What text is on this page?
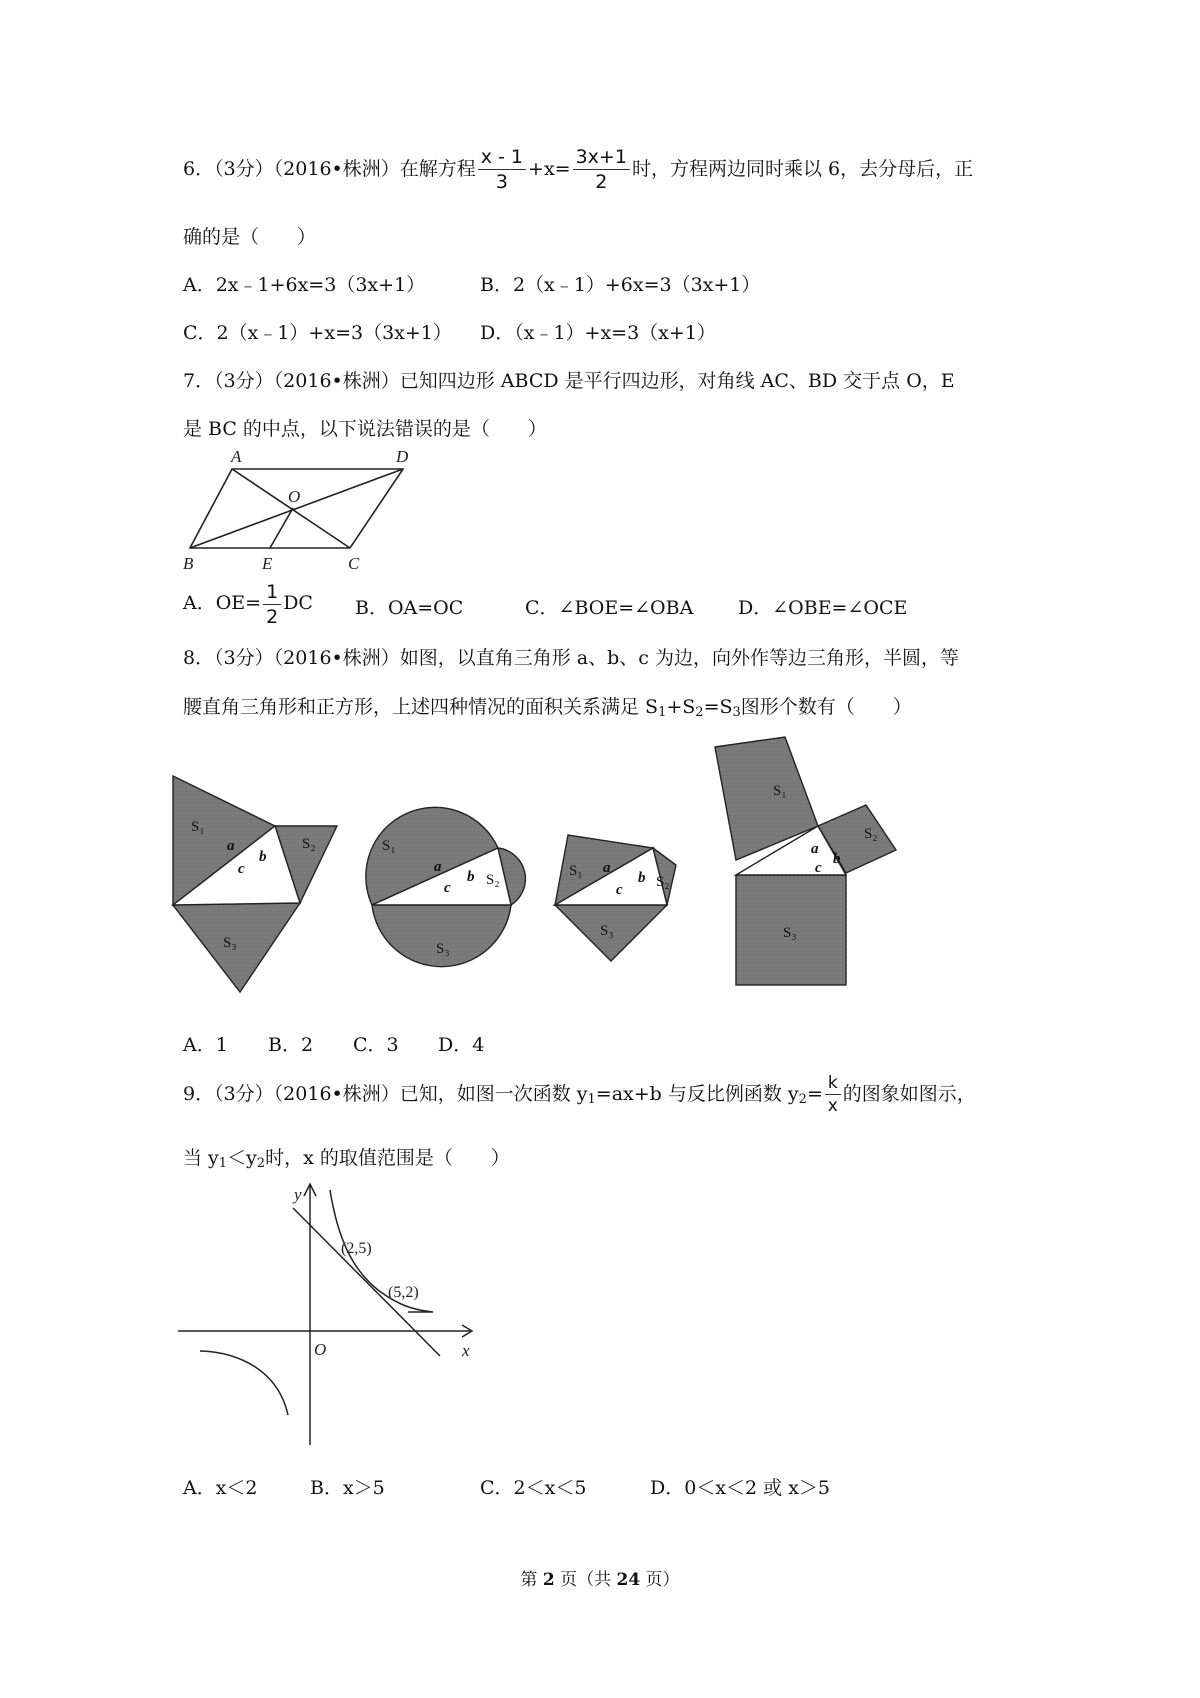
6．（3分）（2016•株洲）在解方程 $\frac{x - 1}{3} +x= \frac{3x+1}{2}$ 时，方程两边同时乘以 6，去分母后，正
确的是（　　）
A．2x﹣1+6x=3（3x+1）	B．2（x﹣1）+6x=3（3x+1）
C．2（x﹣1）+x=3（3x+1） D．（x﹣1）+x=3（x+1）
7．（3分）（2016•株洲）已知四边形 ABCD 是平行四边形，对角线 AC、BD 交于点 O，E
是 BC 的中点，以下说法错误的是（　　）
A	D
O
B	E	C
A．$OE= \frac{1}{2}$ DC B．OA=OC	C．∠BOE=∠OBA D．∠OBE=∠OCE
8．（3分）（2016•株洲）如图，以直角三角形 a、b、c 为边，向外作等边三角形，半圆，等
腰直角三角形和正方形，上述四种情况的面积关系满足 $S_1+S_2=S_3$图形个数有（　　）
S₁
S₂
S₃
a
b
c
S₁
S₂
S₃
a
b
c
S₁
S₂
S₃
a
b
c
S₁
S₂
S₃
a
b
c
A．1 B．2 C．3 D．4
9．（3分）（2016•株洲）已知，如图一次函数 $y_1=ax+b$ 与反比例函数 $y_2= \frac{k}{x}$ 的图象如图示，
当 $y_1<y_2$时，x 的取值范围是（　　）
y
x
O
(2,5)
(5,2)
A．x＜2	B．x＞5	C．2＜x＜5	D．0＜x＜2 或 x＞5
第 2 页（共 24 页）
